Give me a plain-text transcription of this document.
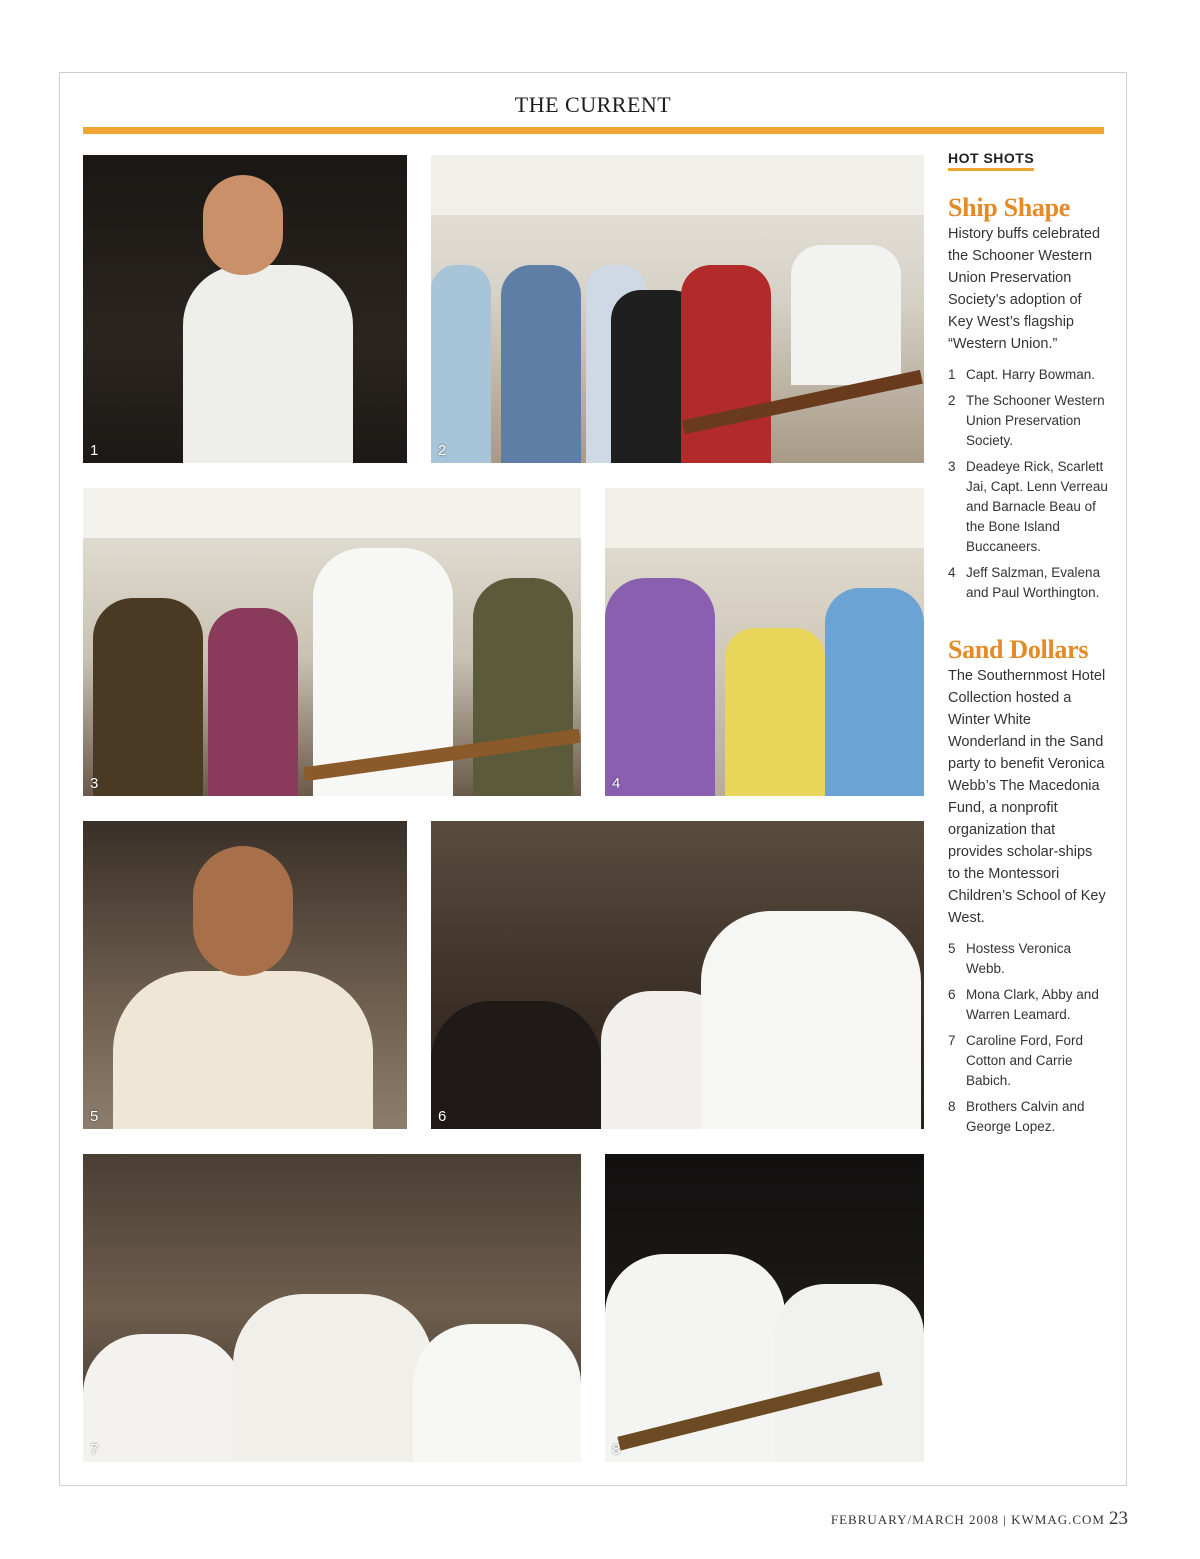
THE CURRENT
1	2
3	4
5	6
7	8
HOT SHOTS
Ship Shape

History buffs celebrated the Schooner Western Union Preservation Society’s adoption of Key West’s flagship “Western Union.”

1 Capt. Harry Bowman.
2 The Schooner Western Union Preservation Society.
3 Deadeye Rick, Scarlett Jai, Capt. Lenn Verreau and Barnacle Beau of the Bone Island Buccaneers.
4 Jeff Salzman, Evalena and Paul Worthington.
Sand Dollars

The Southernmost Hotel Collection hosted a Winter White Wonderland in the Sand party to benefit Veronica Webb’s The Macedonia Fund, a nonprofit organization that provides scholar-ships to the Montessori Children’s School of Key West.

5 Hostess Veronica Webb.
6 Mona Clark, Abby and Warren Leamard.
7 Caroline Ford, Ford Cotton and Carrie Babich.
8 Brothers Calvin and George Lopez.
FEBRUARY/MARCH 2008 | KWMAG.COM 23
